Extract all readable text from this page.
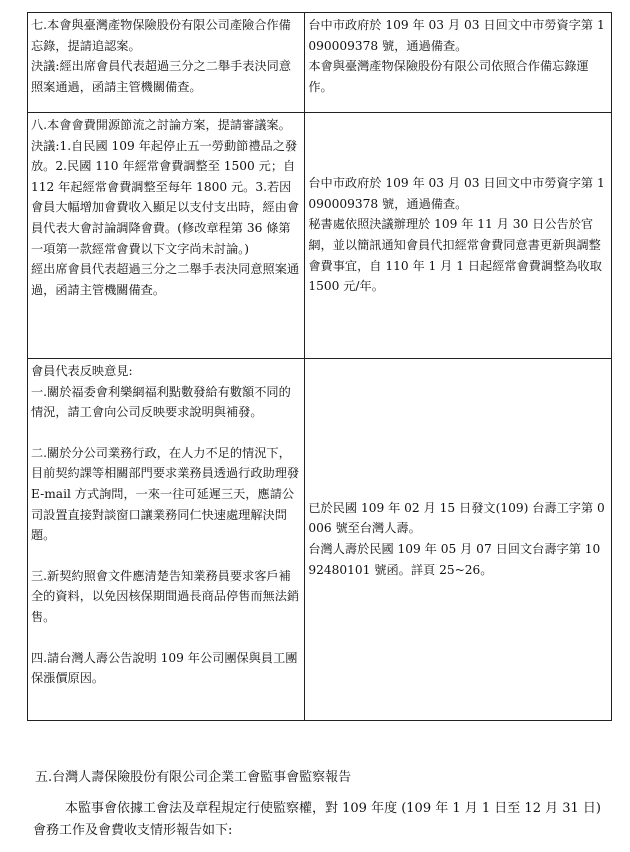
七.本會與臺灣產物保險股份有限公司產險合作備忘錄，提請追認案。
決議:經出席會員代表超過三分之二舉手表決同意照案通過，函請主管機關備查。	台中市政府於 109 年 03 月 03 日回文中市勞資字第 1090009378 號，通過備查。
本會與臺灣產物保險股份有限公司依照合作備忘錄運作。

八.本會會費開源節流之討論方案，提請審議案。
決議:1.自民國 109 年起停止五一勞動節禮品之發放。2.民國 110 年經常會費調整至 1500 元；自 112 年起經常會費調整至每年 1800 元。3.若因會員大幅增加會費收入顯足以支付支出時，經由會員代表大會討論調降會費。(修改章程第 36 條第一項第一款經常會費以下文字尚未討論。)
經出席會員代表超過三分之二舉手表決同意照案通過，函請主管機關備查。	台中市政府於 109 年 03 月 03 日回文中市勞資字第 1090009378 號，通過備查。
秘書處依照決議辦理於 109 年 11 月 30 日公告於官網，並以簡訊通知會員代扣經常會費同意書更新與調整會費事宜，自 110 年 1 月 1 日起經常會費調整為收取 1500 元/年。

會員代表反映意見:
一.關於福委會利樂網福利點數發給有數額不同的情況，請工會向公司反映要求說明與補發。
二.關於分公司業務行政，在人力不足的情況下，目前契約課等相關部門要求業務員透過行政助理發 E-mail 方式詢問，一來一往可延遲三天，應請公司設置直接對談窗口讓業務同仁快速處理解決問題。
三.新契約照會文件應清楚告知業務員要求客戶補全的資料，以免因核保期間過長商品停售而無法銷售。
四.請台灣人壽公告說明 109 年公司團保與員工團保漲價原因。	已於民國 109 年 02 月 15 日發文(109) 台壽工字第 0006 號至台灣人壽。
台灣人壽於民國 109 年 05 月 07 日回文台壽字第 1092480101 號函。詳頁 25~26。
五.台灣人壽保險股份有限公司企業工會監事會監察報告
本監事會依據工會法及章程規定行使監察權，對 109 年度 (109 年 1 月 1 日至 12 月 31 日) 會務工作及會費收支情形報告如下:
